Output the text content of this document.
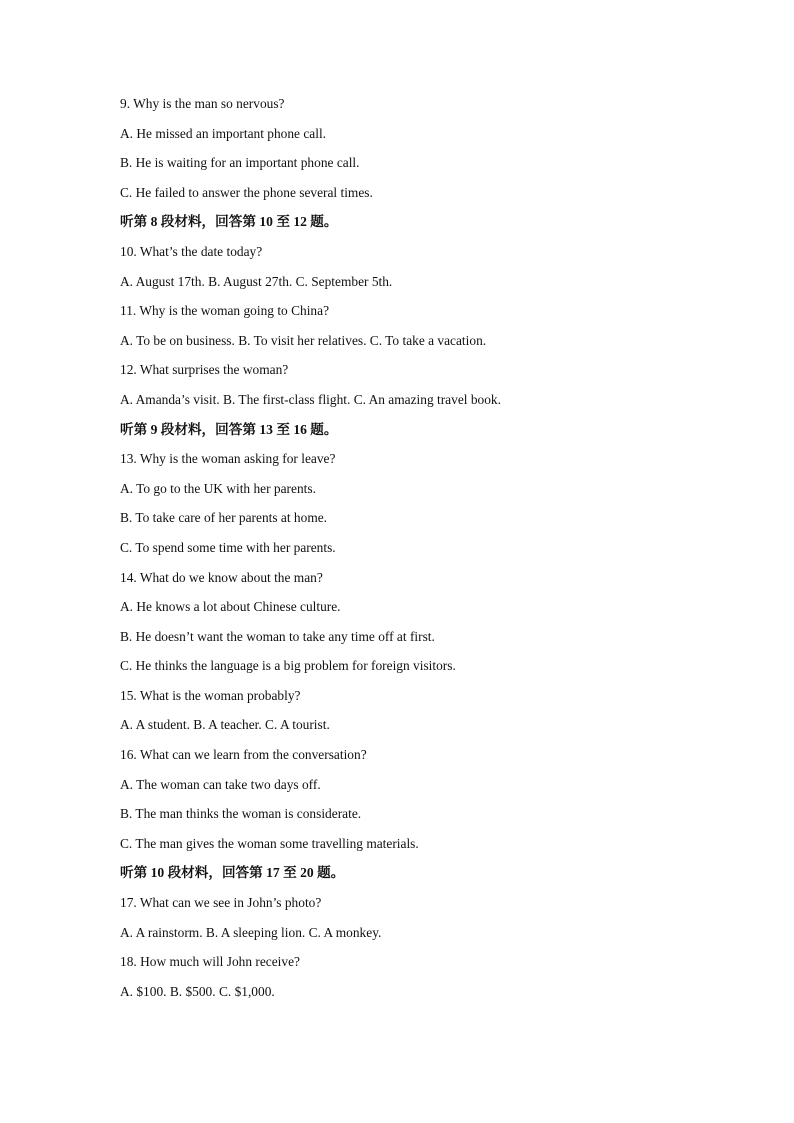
9. Why is the man so nervous?
A. He missed an important phone call.
B. He is waiting for an important phone call.
C. He failed to answer the phone several times.
听第 8 段材料，回答第 10 至 12 题。
10. What’s the date today?
A. August 17th. B. August 27th. C. September 5th.
11. Why is the woman going to China?
A. To be on business. B. To visit her relatives. C. To take a vacation.
12. What surprises the woman?
A. Amanda’s visit. B. The first-class flight. C. An amazing travel book.
听第 9 段材料，回答第 13 至 16 题。
13. Why is the woman asking for leave?
A. To go to the UK with her parents.
B. To take care of her parents at home.
C. To spend some time with her parents.
14. What do we know about the man?
A. He knows a lot about Chinese culture.
B. He doesn’t want the woman to take any time off at first.
C. He thinks the language is a big problem for foreign visitors.
15. What is the woman probably?
A. A student. B. A teacher. C. A tourist.
16. What can we learn from the conversation?
A. The woman can take two days off.
B. The man thinks the woman is considerate.
C. The man gives the woman some travelling materials.
听第 10 段材料，回答第 17 至 20 题。
17. What can we see in John’s photo?
A. A rainstorm. B. A sleeping lion. C. A monkey.
18. How much will John receive?
A. $100. B. $500. C. $1,000.
